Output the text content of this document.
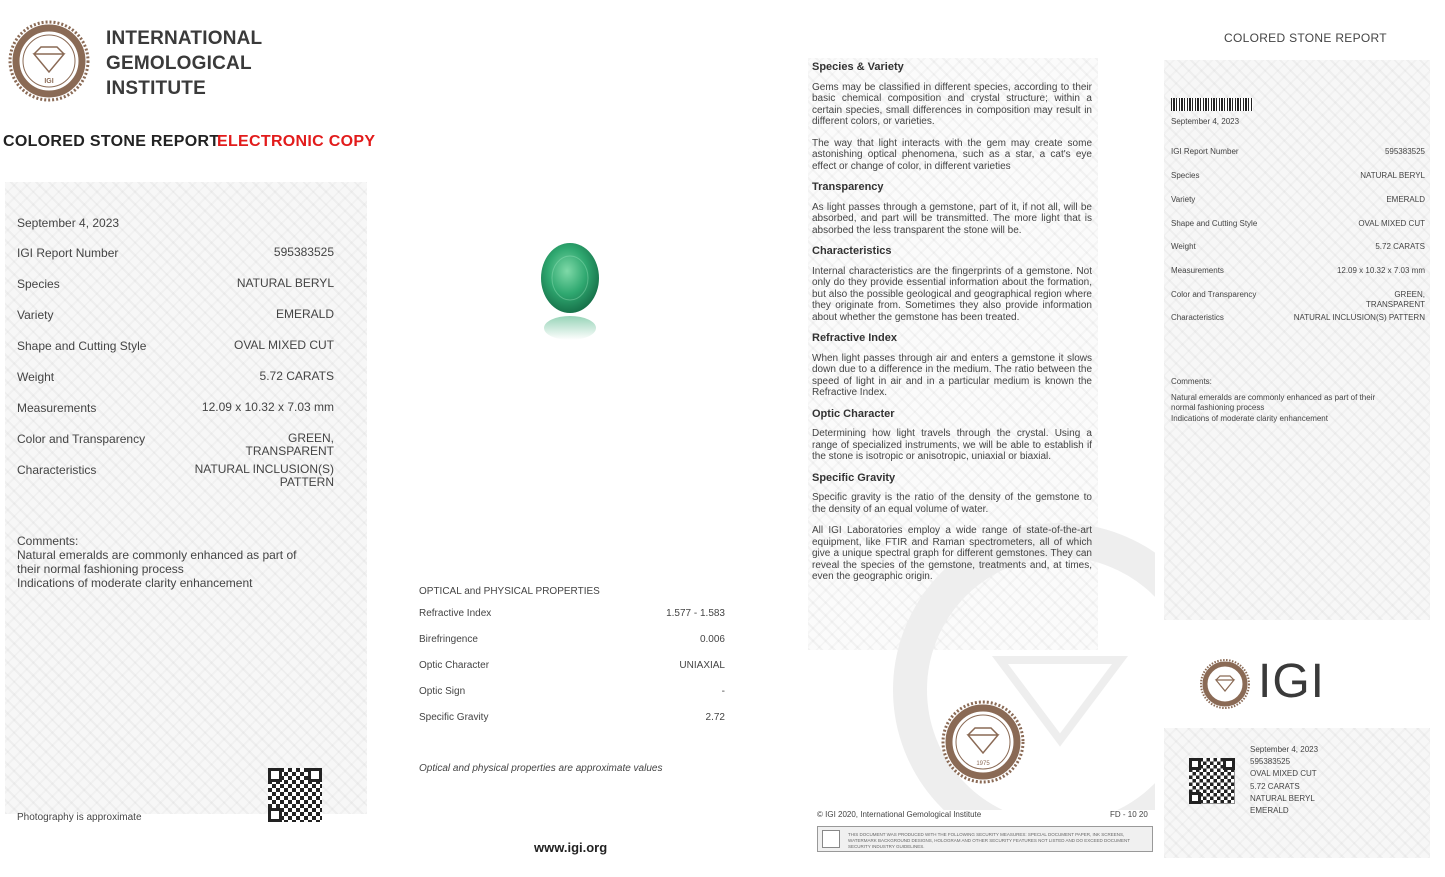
IGI
INTERNATIONAL
GEMOLOGICAL
INSTITUTE
COLORED STONE REPORT
ELECTRONIC COPY
September 4, 2023
IGI Report Number	595383525
Species	NATURAL BERYL
Variety	EMERALD
Shape and Cutting Style	OVAL MIXED CUT
Weight	5.72 CARATS
Measurements	12.09 x 10.32 x 7.03 mm
Color and Transparency	GREEN,
TRANSPARENT
Characteristics	NATURAL INCLUSION(S)
PATTERN
Comments:
Natural emeralds are commonly enhanced as part of
their normal fashioning process
Indications of moderate clarity enhancement
Photography is approximate
OPTICAL and PHYSICAL PROPERTIES
Refractive Index	1.577 - 1.583
Birefringence	0.006
Optic Character	UNIAXIAL
Optic Sign	-
Specific Gravity	2.72
Optical and physical properties are approximate values
www.igi.org
Species & Variety

Gems may be classified in different species, according to their basic chemical composition and crystal structure; within a certain species, small differences in composition may result in different colors, or varieties.

The way that light interacts with the gem may create some astonishing optical phenomena, such as a star, a cat's eye effect or change of color, in different varieties

Transparency

As light passes through a gemstone, part of it, if not all, will be absorbed, and part will be transmitted. The more light that is absorbed the less transparent the stone will be.

Characteristics

Internal characteristics are the fingerprints of a gemstone. Not only do they provide essential information about the formation, but also the possible geological and geographical region where they originate from. Sometimes they also provide information about whether the gemstone has been treated.

Refractive Index

When light passes through air and enters a gemstone it slows down due to a difference in the medium. The ratio between the speed of light in air and in a particular medium is known the Refractive Index.

Optic Character

Determining how light travels through the crystal. Using a range of specialized instruments, we will be able to establish if the stone is isotropic or anisotropic, uniaxial or biaxial.

Specific Gravity

Specific gravity is the ratio of the density of the gemstone to the density of an equal volume of water.

All IGI Laboratories employ a wide range of state-of-the-art equipment, like FTIR and Raman spectrometers, all of which give a unique spectral graph for different gemstones. They can reveal the species of the gemstone, treatments and, at times, even the geographic origin.

1975
© IGI 2020, International Gemological Institute	FD - 10 20
THIS DOCUMENT WAS PRODUCED WITH THE FOLLOWING SECURITY MEASURES: SPECIAL DOCUMENT PAPER, INK SCREENS, WATERMARK BACKGROUND DESIGNS, HOLOGRAM AND OTHER SECURITY FEATURES NOT LISTED AND DO EXCEED DOCUMENT SECURITY INDUSTRY GUIDELINES.
COLORED STONE REPORT
September 4, 2023
IGI Report Number	595383525
Species	NATURAL BERYL
Variety	EMERALD
Shape and Cutting Style	OVAL MIXED CUT
Weight	5.72 CARATS
Measurements	12.09 x 10.32 x 7.03 mm
Color and Transparency	GREEN,
TRANSPARENT
Characteristics	NATURAL INCLUSION(S) PATTERN
Comments:
Natural emeralds are commonly enhanced as part of their
normal fashioning process
Indications of moderate clarity enhancement
IGI
September 4, 2023
595383525
OVAL MIXED CUT
5.72 CARATS
NATURAL BERYL
EMERALD
